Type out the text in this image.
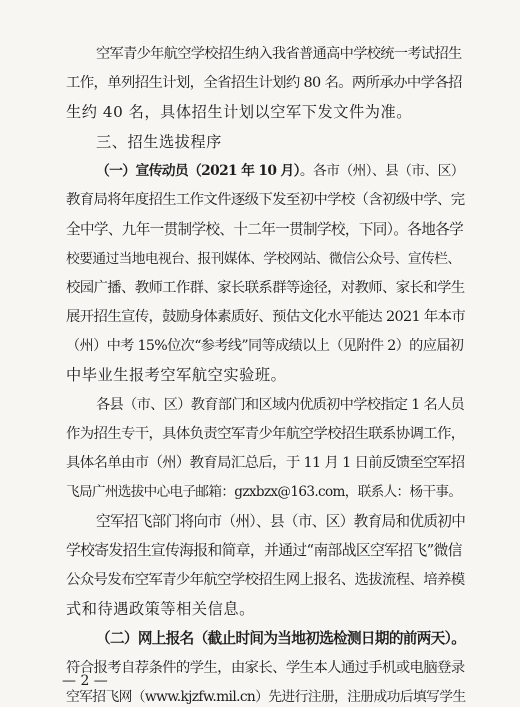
空军青少年航空学校招生纳入我省普通高中学校统一考试招生
工作，单列招生计划，全省招生计划约 80 名。两所承办中学各招
生约 40 名，具体招生计划以空军下发文件为准。
三、招生选拔程序
（一）宣传动员（2021 年 10 月）。各市（州）、县（市、区）
教育局将年度招生工作文件逐级下发至初中学校（含初级中学、完
全中学、九年一贯制学校、十二年一贯制学校，下同）。各地各学
校要通过当地电视台、报刊媒体、学校网站、微信公众号、宣传栏、
校园广播、教师工作群、家长联系群等途径，对教师、家长和学生
展开招生宣传，鼓励身体素质好、预估文化水平能达 2021 年本市
（州）中考 15%位次“参考线”同等成绩以上（见附件 2）的应届初
中毕业生报考空军航空实验班。
各县（市、区）教育部门和区域内优质初中学校指定 1 名人员
作为招生专干，具体负责空军青少年航空学校招生联系协调工作，
具体名单由市（州）教育局汇总后，于 11 月 1 日前反馈至空军招
飞局广州选拔中心电子邮箱：gzxbzx@163.com，联系人：杨干事。
空军招飞部门将向市（州）、县（市、区）教育局和优质初中
学校寄发招生宣传海报和简章，并通过“南部战区空军招飞”微信
公众号发布空军青少年航空学校招生网上报名、选拔流程、培养模
式和待遇政策等相关信息。
（二）网上报名（截止时间为当地初选检测日期的前两天）。
符合报考自荐条件的学生，由家长、学生本人通过手机或电脑登录
空军招飞网（www.kjzfw.mil.cn）先进行注册，注册成功后填写学生
— 2 —
